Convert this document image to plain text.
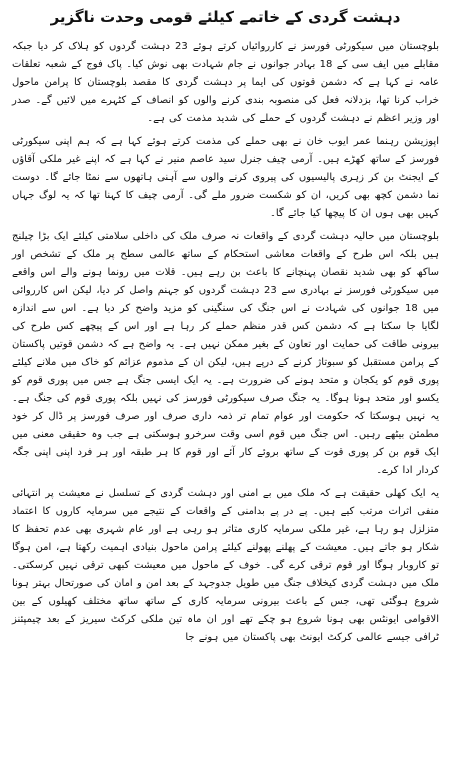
دہشت گردی کے خاتمے کیلئے قومی وحدت ناگزیر

بلوچستان میں سیکورٹی فورسز نے کارروائیاں کرتے ہوئے 23 دہشت گردوں کو ہلاک کر دیا جبکہ مقابلے میں ایف سی کے 18 بہادر جوانوں نے جام شہادت بھی نوش کیا۔ پاک فوج کے شعبہ تعلقات عامہ نے کہا ہے کہ دشمن قوتوں کی ایما پر دہشت گردی کا مقصد بلوچستان کا پرامن ماحول خراب کرنا تھا، بزدلانہ فعل کی منصوبہ بندی کرنے والوں کو انصاف کے کٹہرے میں لائیں گے۔ صدر اور وزیر اعظم نے دہشت گردوں کے حملے کی شدید مذمت کی ہے۔

اپوزیشن رہنما عمر ایوب خان نے بھی حملے کی مذمت کرتے ہوئے کہا ہے کہ ہم اپنی سیکورٹی فورسز کے ساتھ کھڑے ہیں۔ آرمی چیف جنرل سید عاصم منیر نے کہا ہے کہ اپنے غیر ملکی آقاؤں کے ایجنٹ بن کر زہری پالیسیوں کی پیروی کرنے والوں سے آہنی ہاتھوں سے نمٹا جائے گا۔ دوست نما دشمن کچھ بھی کریں، ان کو شکست ضرور ملے گی۔ آرمی چیف کا کہنا تھا کہ یہ لوگ جہاں کہیں بھی ہوں ان کا پیچھا کیا جائے گا۔

بلوچستان میں حالیہ دہشت گردی کے واقعات نہ صرف ملک کی داخلی سلامتی کیلئے ایک بڑا چیلنج ہیں بلکہ اس طرح کے واقعات معاشی استحکام کے ساتھ عالمی سطح پر ملک کے تشخص اور ساکھ کو بھی شدید نقصان پہنچانے کا باعث بن رہے ہیں۔ قلات میں رونما ہونے والے اس واقعے میں سیکورٹی فورسز نے بہادری سے 23 دہشت گردوں کو جہنم واصل کر دیا، لیکن اس کارروائی میں 18 جوانوں کی شہادت نے اس جنگ کی سنگینی کو مزید واضح کر دیا ہے۔ اس سے اندازہ لگایا جا سکتا ہے کہ دشمن کس قدر منظم حملے کر رہا ہے اور اس کے پیچھے کس طرح کی بیرونی طاقت کی حمایت اور تعاون کے بغیر ممکن نہیں ہے۔ یہ واضح ہے کہ دشمن قوتیں پاکستان کے پرامن مستقبل کو سبوتاژ کرنے کے درپے ہیں، لیکن ان کے مذموم عزائم کو خاک میں ملانے کیلئے پوری قوم کو یکجان و متحد ہونے کی ضرورت ہے۔ یہ ایک ایسی جنگ ہے جس میں پوری قوم کو یکسو اور متحد ہونا ہوگا۔ یہ جنگ صرف سیکورٹی فورسز کی نہیں بلکہ پوری قوم کی جنگ ہے۔ یہ نہیں ہوسکتا کہ حکومت اور عوام تمام تر ذمہ داری صرف اور صرف فورسز پر ڈال کر خود مطمئن بیٹھے رہیں۔ اس جنگ میں قوم اسی وقت سرخرو ہوسکتی ہے جب وہ حقیقی معنی میں ایک قوم بن کر پوری قوت کے ساتھ بروئے کار آئے اور قوم کا ہر طبقہ اور ہر فرد اپنی اپنی جگہ کردار ادا کرے۔

یہ ایک کھلی حقیقت ہے کہ ملک میں بے امنی اور دہشت گردی کے تسلسل نے معیشت پر انتہائی منفی اثرات مرتب کیے ہیں۔ پے در پے بدامنی کے واقعات کے نتیجے میں سرمایہ کاروں کا اعتماد متزلزل ہو رہا ہے، غیر ملکی سرمایہ کاری متاثر ہو رہی ہے اور عام شہری بھی عدم تحفظ کا شکار ہو جاتے ہیں۔ معیشت کے پھلنے پھولنے کیلئے پرامن ماحول بنیادی اہمیت رکھتا ہے، امن ہوگا تو کاروبار ہوگا اور قوم ترقی کرے گی۔ خوف کے ماحول میں معیشت کبھی ترقی نہیں کرسکتی۔ ملک میں دہشت گردی کیخلاف جنگ میں طویل جدوجہد کے بعد امن و امان کی صورتحال بہتر ہونا شروع ہوگئی تھی، جس کے باعث بیرونی سرمایہ کاری کے ساتھ ساتھ مختلف کھیلوں کے بین الاقوامی ایونٹس بھی ہونا شروع ہو چکے تھے اور ان ماہ تین ملکی کرکٹ سیریز کے بعد چیمپئنز ٹرافی جیسے عالمی کرکٹ ایونٹ بھی پاکستان میں ہونے جا
